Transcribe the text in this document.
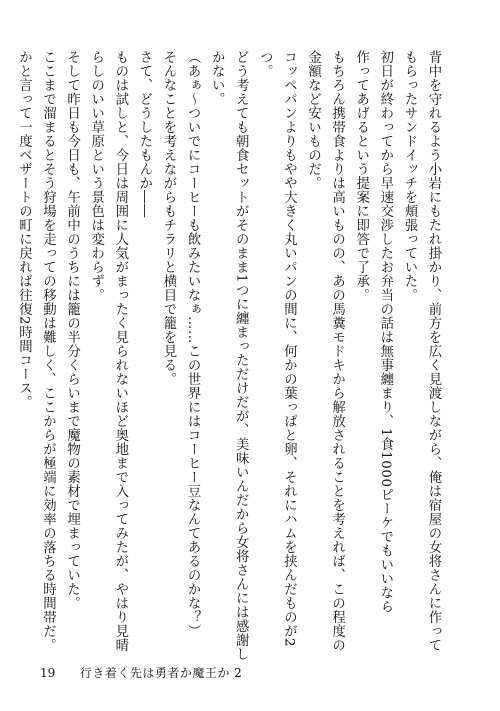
背中を守れるよう小岩にもたれ掛かり、前方を広く見渡しながら、俺は宿屋の女将さんに作って

もらったサンドイッチを頬張っていた。

初日が終わってから早速交渉したお弁当の話は無事纏まり、1食1000ピーケでもいいなら

作ってあげるという提案に即答で了承。

もちろん携帯食よりは高いものの、あの馬糞モドキから解放されることを考えれば、この程度の

金額など安いものだ。

コッペパンよりもやや大きく丸いパンの間に、何かの葉っぱと卵、それにハムを挟んだものが2

つ。

どう考えても朝食セットがそのまま1つに纏まっただけだが、美味いんだから女将さんには感謝し

かない。

（あぁ～ついでにコーヒーも飲みたいなぁ……この世界にはコーヒー豆なんてあるのかな？）

そんなことを考えながらもチラリと横目で籠を見る。

さて、どうしたもんか――

ものは試しと、今日は周囲に人気がまったく見られないほど奥地まで入ってみたが、やはり見晴

らしのいい草原という景色は変わらず。

そして昨日も今日も、午前中のうちには籠の半分くらいまで魔物の素材で埋まっていた。

ここまで溜まるとそう狩場を走っての移動は難しく、ここからが極端に効率の落ちる時間帯だ。

かと言って一度ベザートの町に戻れば往復2時間コース。

19 行き着く先は勇者か魔王か 2
